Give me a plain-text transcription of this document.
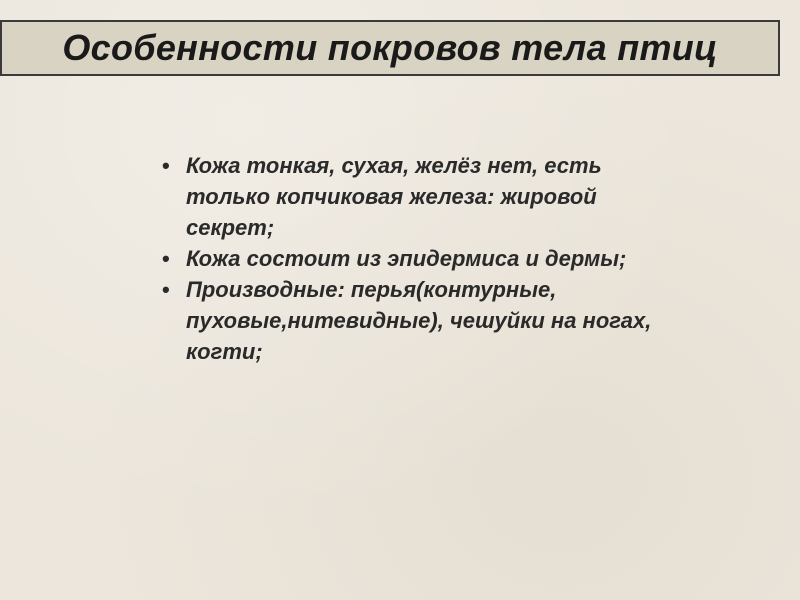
Особенности покровов тела птиц
• Кожа тонкая, сухая, желёз нет, есть только копчиковая железа: жировой секрет;
• Кожа состоит из эпидермиса и дермы;
• Производные: перья(контурные, пуховые,нитевидные), чешуйки на ногах, когти;
